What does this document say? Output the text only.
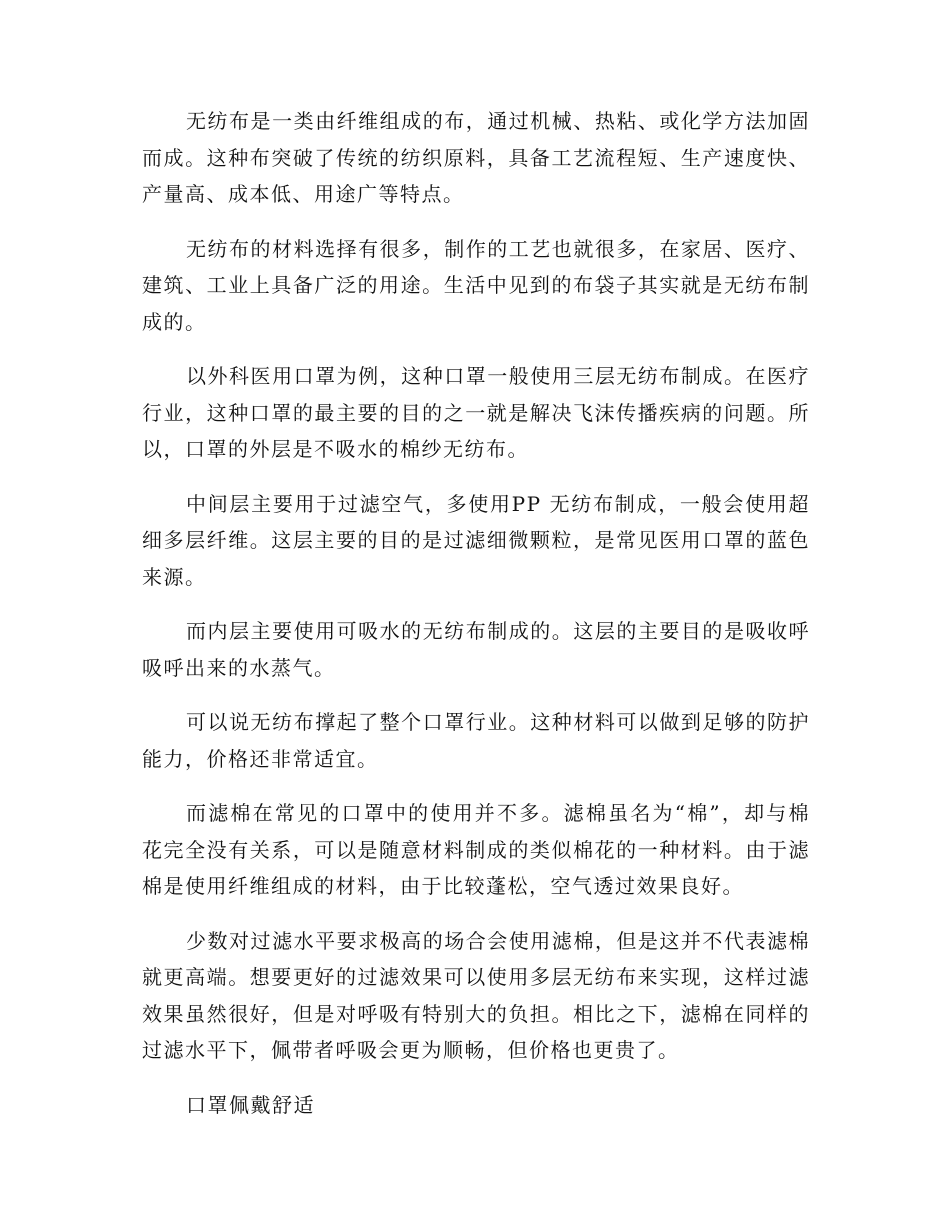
无纺布是一类由纤维组成的布，通过机械、热粘、或化学方法加固而成。这种布突破了传统的纺织原料，具备工艺流程短、生产速度快、产量高、成本低、用途广等特点。

无纺布的材料选择有很多，制作的工艺也就很多，在家居、医疗、建筑、工业上具备广泛的用途。生活中见到的布袋子其实就是无纺布制成的。

以外科医用口罩为例，这种口罩一般使用三层无纺布制成。在医疗行业，这种口罩的最主要的目的之一就是解决飞沫传播疾病的问题。所以，口罩的外层是不吸水的棉纱无纺布。

中间层主要用于过滤空气，多使用PP 无纺布制成，一般会使用超细多层纤维。这层主要的目的是过滤细微颗粒，是常见医用口罩的蓝色来源。

而内层主要使用可吸水的无纺布制成的。这层的主要目的是吸收呼吸呼出来的水蒸气。

可以说无纺布撑起了整个口罩行业。这种材料可以做到足够的防护能力，价格还非常适宜。

而滤棉在常见的口罩中的使用并不多。滤棉虽名为“棉”，却与棉花完全没有关系，可以是随意材料制成的类似棉花的一种材料。由于滤棉是使用纤维组成的材料，由于比较蓬松，空气透过效果良好。

少数对过滤水平要求极高的场合会使用滤棉，但是这并不代表滤棉就更高端。想要更好的过滤效果可以使用多层无纺布来实现，这样过滤效果虽然很好，但是对呼吸有特别大的负担。相比之下，滤棉在同样的过滤水平下，佩带者呼吸会更为顺畅，但价格也更贵了。

口罩佩戴舒适
